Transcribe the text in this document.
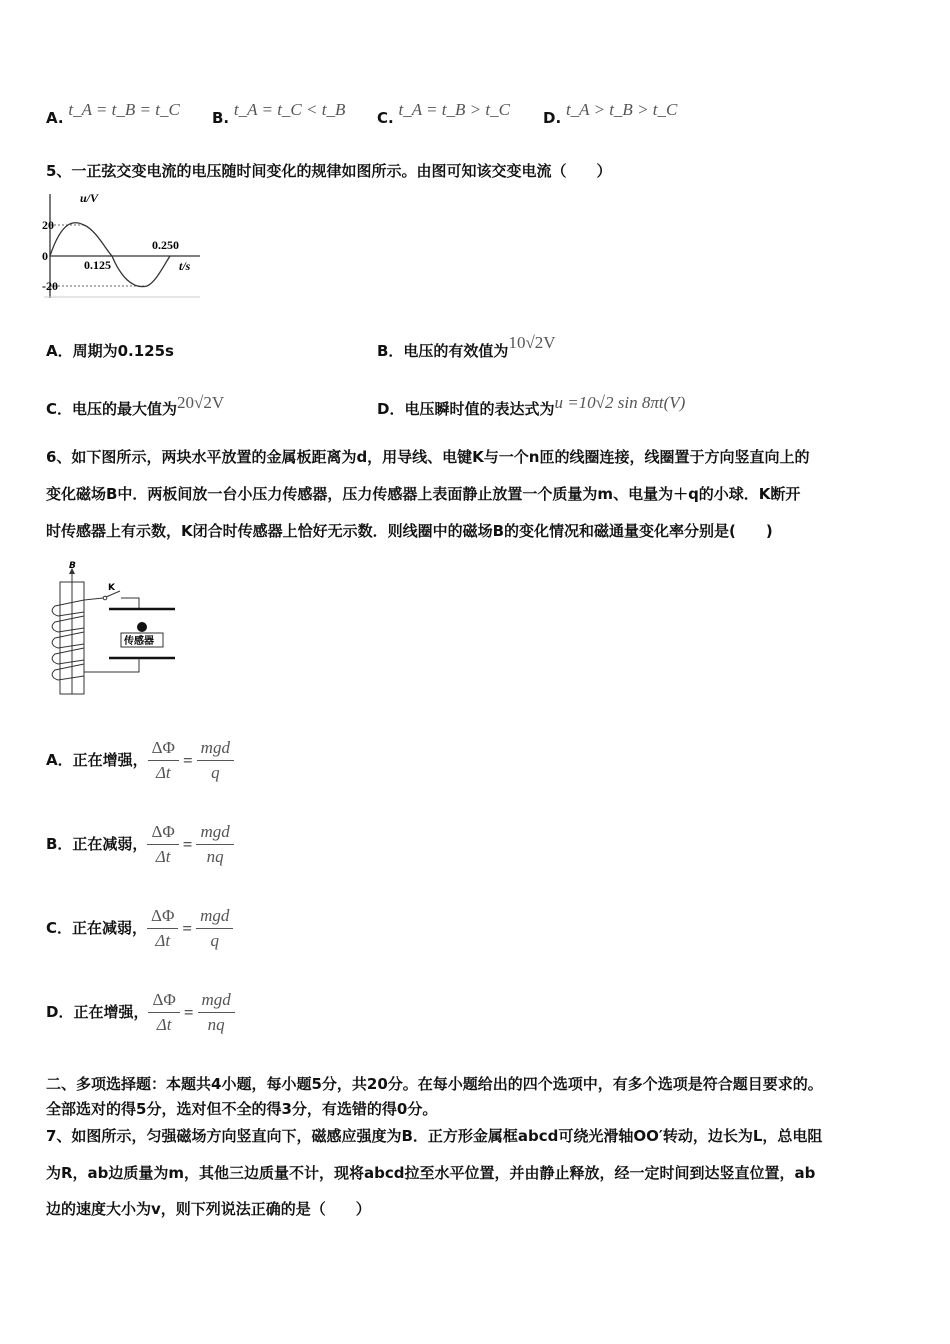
A. t_A = t_B = t_C B. t_A = t_C < t_B C. t_A = t_B > t_C D. t_A > t_B > t_C
5、一正弦交变电流的电压随时间变化的规律如图所示。由图可知该交变电流（　　）
u/V
t/s
20
0
-20
0.125
0.250
A．周期为0.125s	B．电压的有效值为10√2V
C．电压的最大值为20√2V	D．电压瞬时值的表达式为u =10√2 sin 8πt(V)
6、如下图所示，两块水平放置的金属板距离为d，用导线、电键K与一个n匝的线圈连接，线圈置于方向竖直向上的
变化磁场B中．两板间放一台小压力传感器，压力传感器上表面静止放置一个质量为m、电量为＋q的小球．K断开
时传感器上有示数，K闭合时传感器上恰好无示数．则线圈中的磁场B的变化情况和磁通量变化率分别是(　　)
B
K
传感器
A．正在增强， $\frac{\Delta\Phi}{\Delta t} = \frac{\text{mgd}}{q}$
B．正在减弱， $\frac{\Delta\Phi}{\Delta t} = \frac{\text{mgd}}{nq}$
C．正在减弱， $\frac{\Delta\Phi}{\Delta t} = \frac{\text{mgd}}{q}$
D．正在增强， $\frac{\Delta\Phi}{\Delta t} = \frac{\text{mgd}}{nq}$
二、多项选择题：本题共4小题，每小题5分，共20分。在每小题给出的四个选项中，有多个选项是符合题目要求的。
全部选对的得5分，选对但不全的得3分，有选错的得0分。
7、如图所示，匀强磁场方向竖直向下，磁感应强度为B．正方形金属框abcd可绕光滑轴OO′转动，边长为L，总电阻
为R，ab边质量为m，其他三边质量不计，现将abcd拉至水平位置，并由静止释放，经一定时间到达竖直位置，ab
边的速度大小为v，则下列说法正确的是（　　）
